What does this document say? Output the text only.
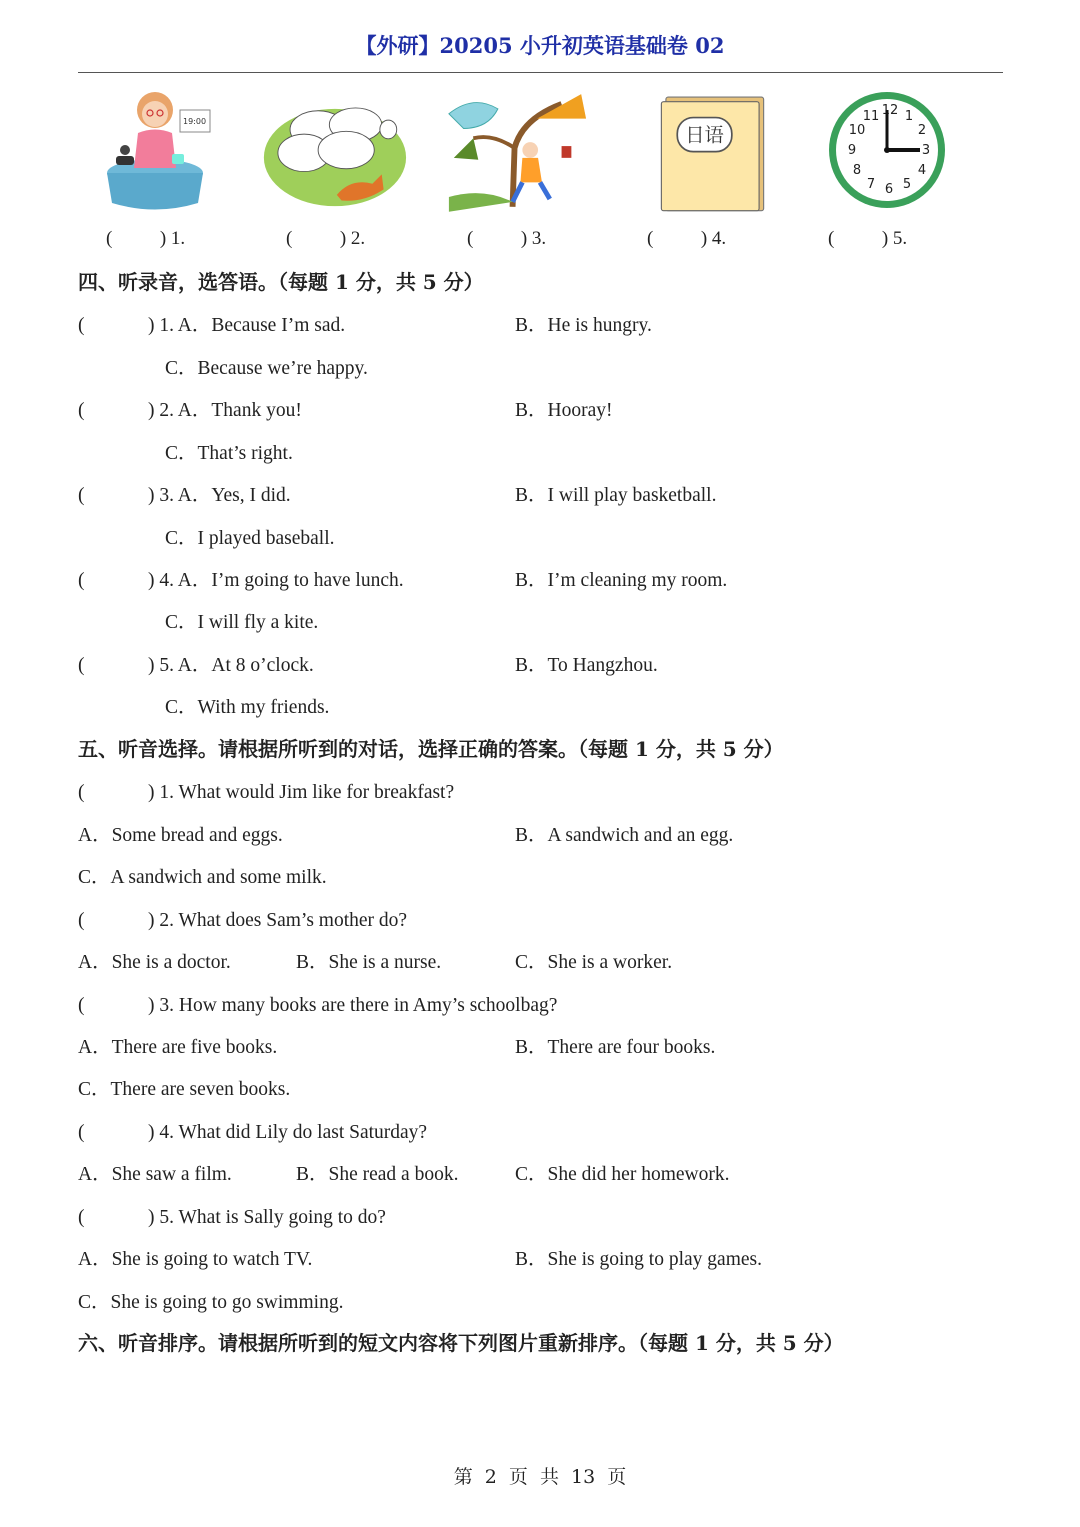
【外研】20205 小升初英语基础卷 02
19:00
日语
12 1
2
3
4
5
6
7
8
9
10
11
(          ) 1.	(          ) 2.	(          ) 3.	(          ) 4.	(          ) 5.
四、听录音，选答语。（每题 1 分，共 5 分）
(	) 1. A．Because I’m sad.	B．He is hungry.
C．Because we’re happy.
(	) 2. A．Thank you!	B．Hooray!
C．That’s right.
(	) 3. A．Yes, I did.	B．I will play basketball.
C．I played baseball.
(	) 4. A．I’m going to have lunch.	B．I’m cleaning my room.
C．I will fly a kite.
(	) 5. A．At 8 o’clock.	B．To Hangzhou.
C．With my friends.
五、听音选择。请根据所听到的对话，选择正确的答案。（每题 1 分，共 5 分）
(	) 1. What would Jim like for breakfast?
A．Some bread and eggs.	B．A sandwich and an egg.
C．A sandwich and some milk.
(	) 2. What does Sam’s mother do?
A．She is a doctor.	B．She is a nurse.	C．She is a worker.
(	) 3. How many books are there in Amy’s schoolbag?
A．There are five books.	B．There are four books.
C．There are seven books.
(	) 4. What did Lily do last Saturday?
A．She saw a film.	B．She read a book.	C．She did her homework.
(	) 5. What is Sally going to do?
A．She is going to watch TV.	B．She is going to play games.
C．She is going to go swimming.
六、听音排序。请根据所听到的短文内容将下列图片重新排序。（每题 1 分，共 5 分）
第 2 页 共 13 页
